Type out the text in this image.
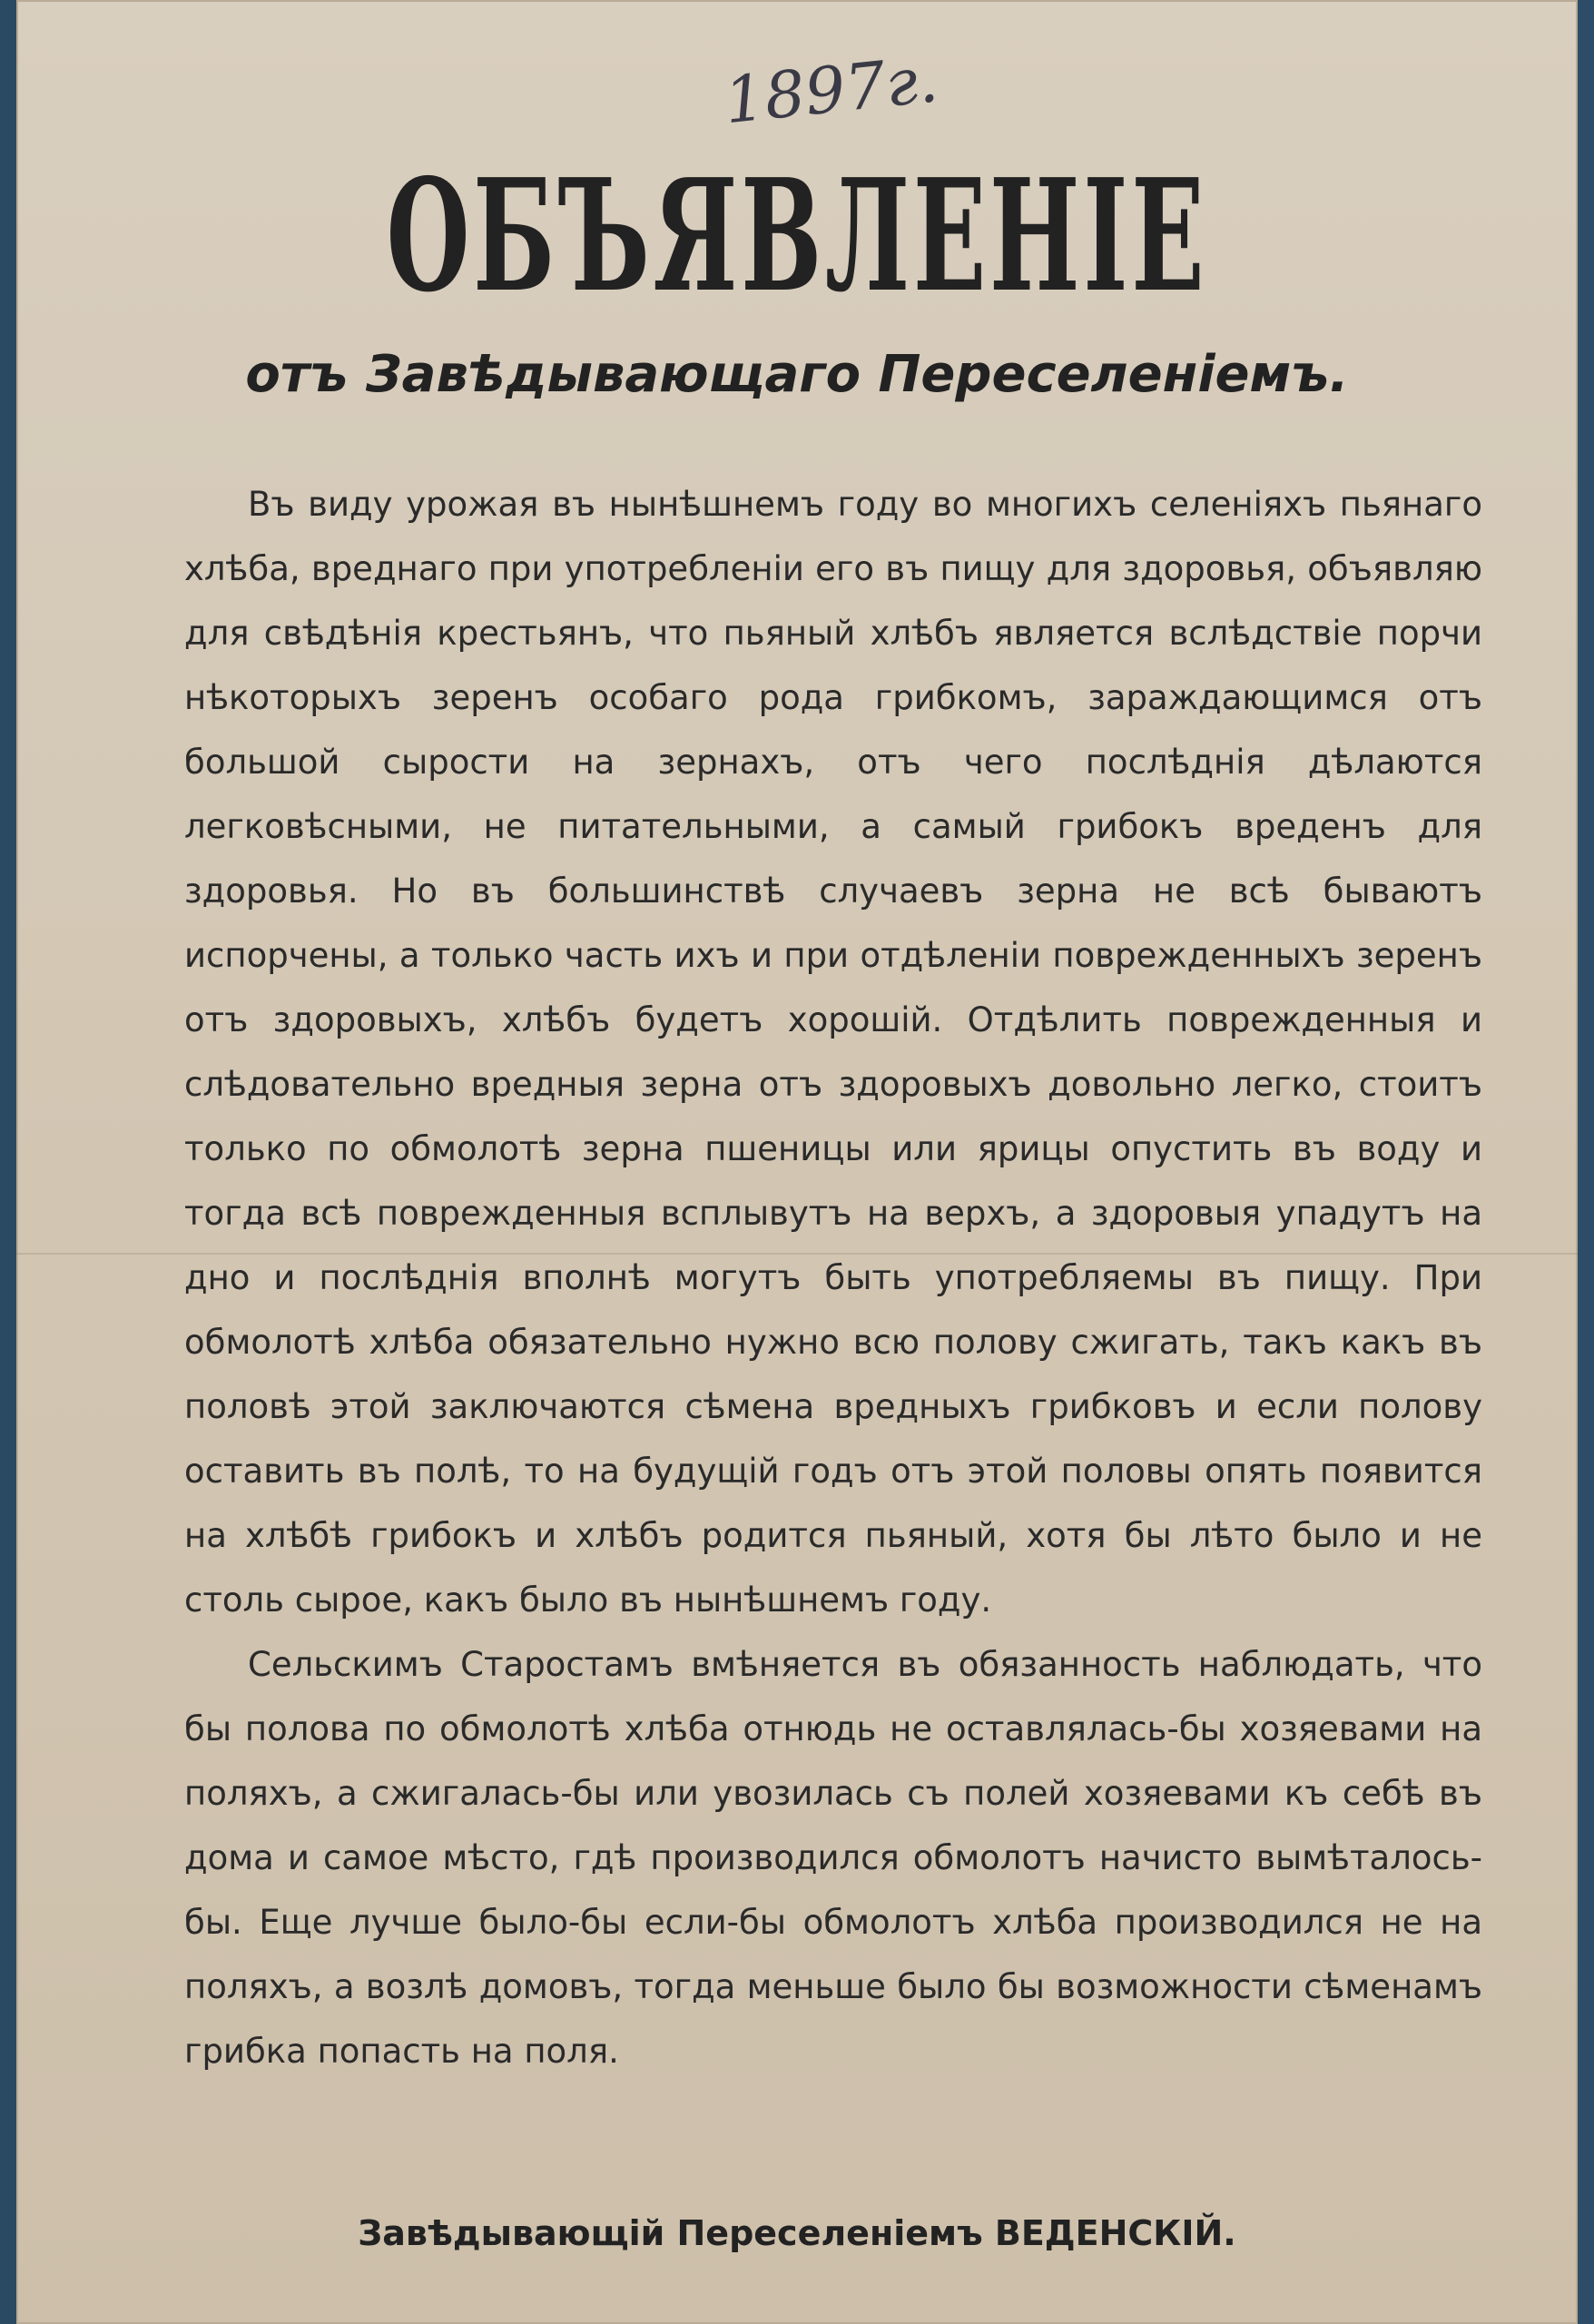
1897г.
ОБЪЯВЛЕНІЕ
отъ Завѣдывающаго Переселеніемъ.

Въ виду урожая въ нынѣшнемъ году во многихъ селеніяхъ пьянаго хлѣба, вреднаго при употребленіи его въ пищу для здоровья, объявляю для свѣдѣнія крестьянъ, что пьяный хлѣбъ является вслѣдствіе порчи нѣкоторыхъ зеренъ особаго рода грибкомъ, зараждающимся отъ большой сырости на зернахъ, отъ чего послѣднія дѣлаются легковѣсными, не питательными, а самый грибокъ вреденъ для здоровья. Но въ большинствѣ случаевъ зерна не всѣ бываютъ испорчены, а только часть ихъ и при отдѣленіи поврежденныхъ зеренъ отъ здоровыхъ, хлѣбъ будетъ хорошій. Отдѣлить поврежденныя и слѣдовательно вредныя зерна отъ здоровыхъ довольно легко, стоитъ только по обмолотѣ зерна пшеницы или ярицы опустить въ воду и тогда всѣ поврежденныя всплывутъ на верхъ, а здоровыя упадутъ на дно и послѣднія вполнѣ могутъ быть употребляемы въ пищу. При обмолотѣ хлѣба обязательно нужно всю полову сжигать, такъ какъ въ половѣ этой заключаются сѣмена вредныхъ грибковъ и если полову оставить въ полѣ, то на будущій годъ отъ этой половы опять появится на хлѣбѣ грибокъ и хлѣбъ родится пьяный, хотя бы лѣто было и не столь сырое, какъ было въ нынѣшнемъ году.

Сельскимъ Старостамъ вмѣняется въ обязанность наблюдать, что бы полова по обмолотѣ хлѣба отнюдь не оставлялась-бы хозяевами на поляхъ, а сжигалась-бы или увозилась съ полей хозяевами къ себѣ въ дома и самое мѣсто, гдѣ производился обмолотъ начисто вымѣталось-бы. Еще лучше было-бы если-бы обмолотъ хлѣба производился не на поляхъ, а возлѣ домовъ, тогда меньше было бы возможности сѣменамъ грибка попасть на поля.

Завѣдывающій Переселеніемъ ВЕДЕНСКІЙ.
